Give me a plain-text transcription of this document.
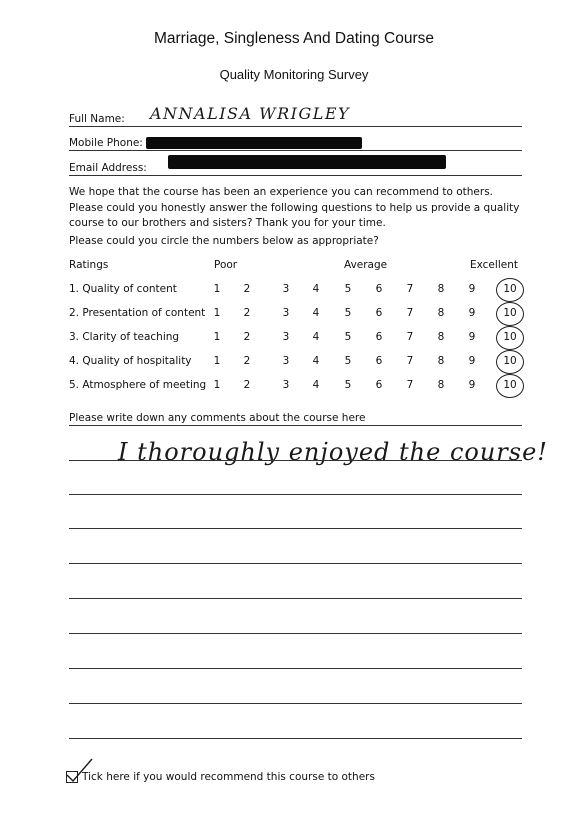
Marriage, Singleness And Dating Course
Quality Monitoring Survey
Full Name: ANNALISA WRIGLEY
Mobile Phone:
Email Address:
We hope that the course has been an experience you can recommend to others. Please could you honestly answer the following questions to help us provide a quality course to our brothers and sisters? Thank you for your time.
Please could you circle the numbers below as appropriate?
Ratings	Poor	Average	Excellent
1. Quality of content	1	2	3	4	5	6	7	8	9	10
2. Presentation of content 1	2	3	4	5	6	7	8	9	10
3. Clarity of teaching	1	2	3	4	5	6	7	8	9	10
4. Quality of hospitality	1	2	3	4	5	6	7	8	9	10
5. Atmosphere of meeting 1	2	3	4	5	6	7	8	9	10
Please write down any comments about the course here
I thoroughly enjoyed the course!
Tick here if you would recommend this course to others
